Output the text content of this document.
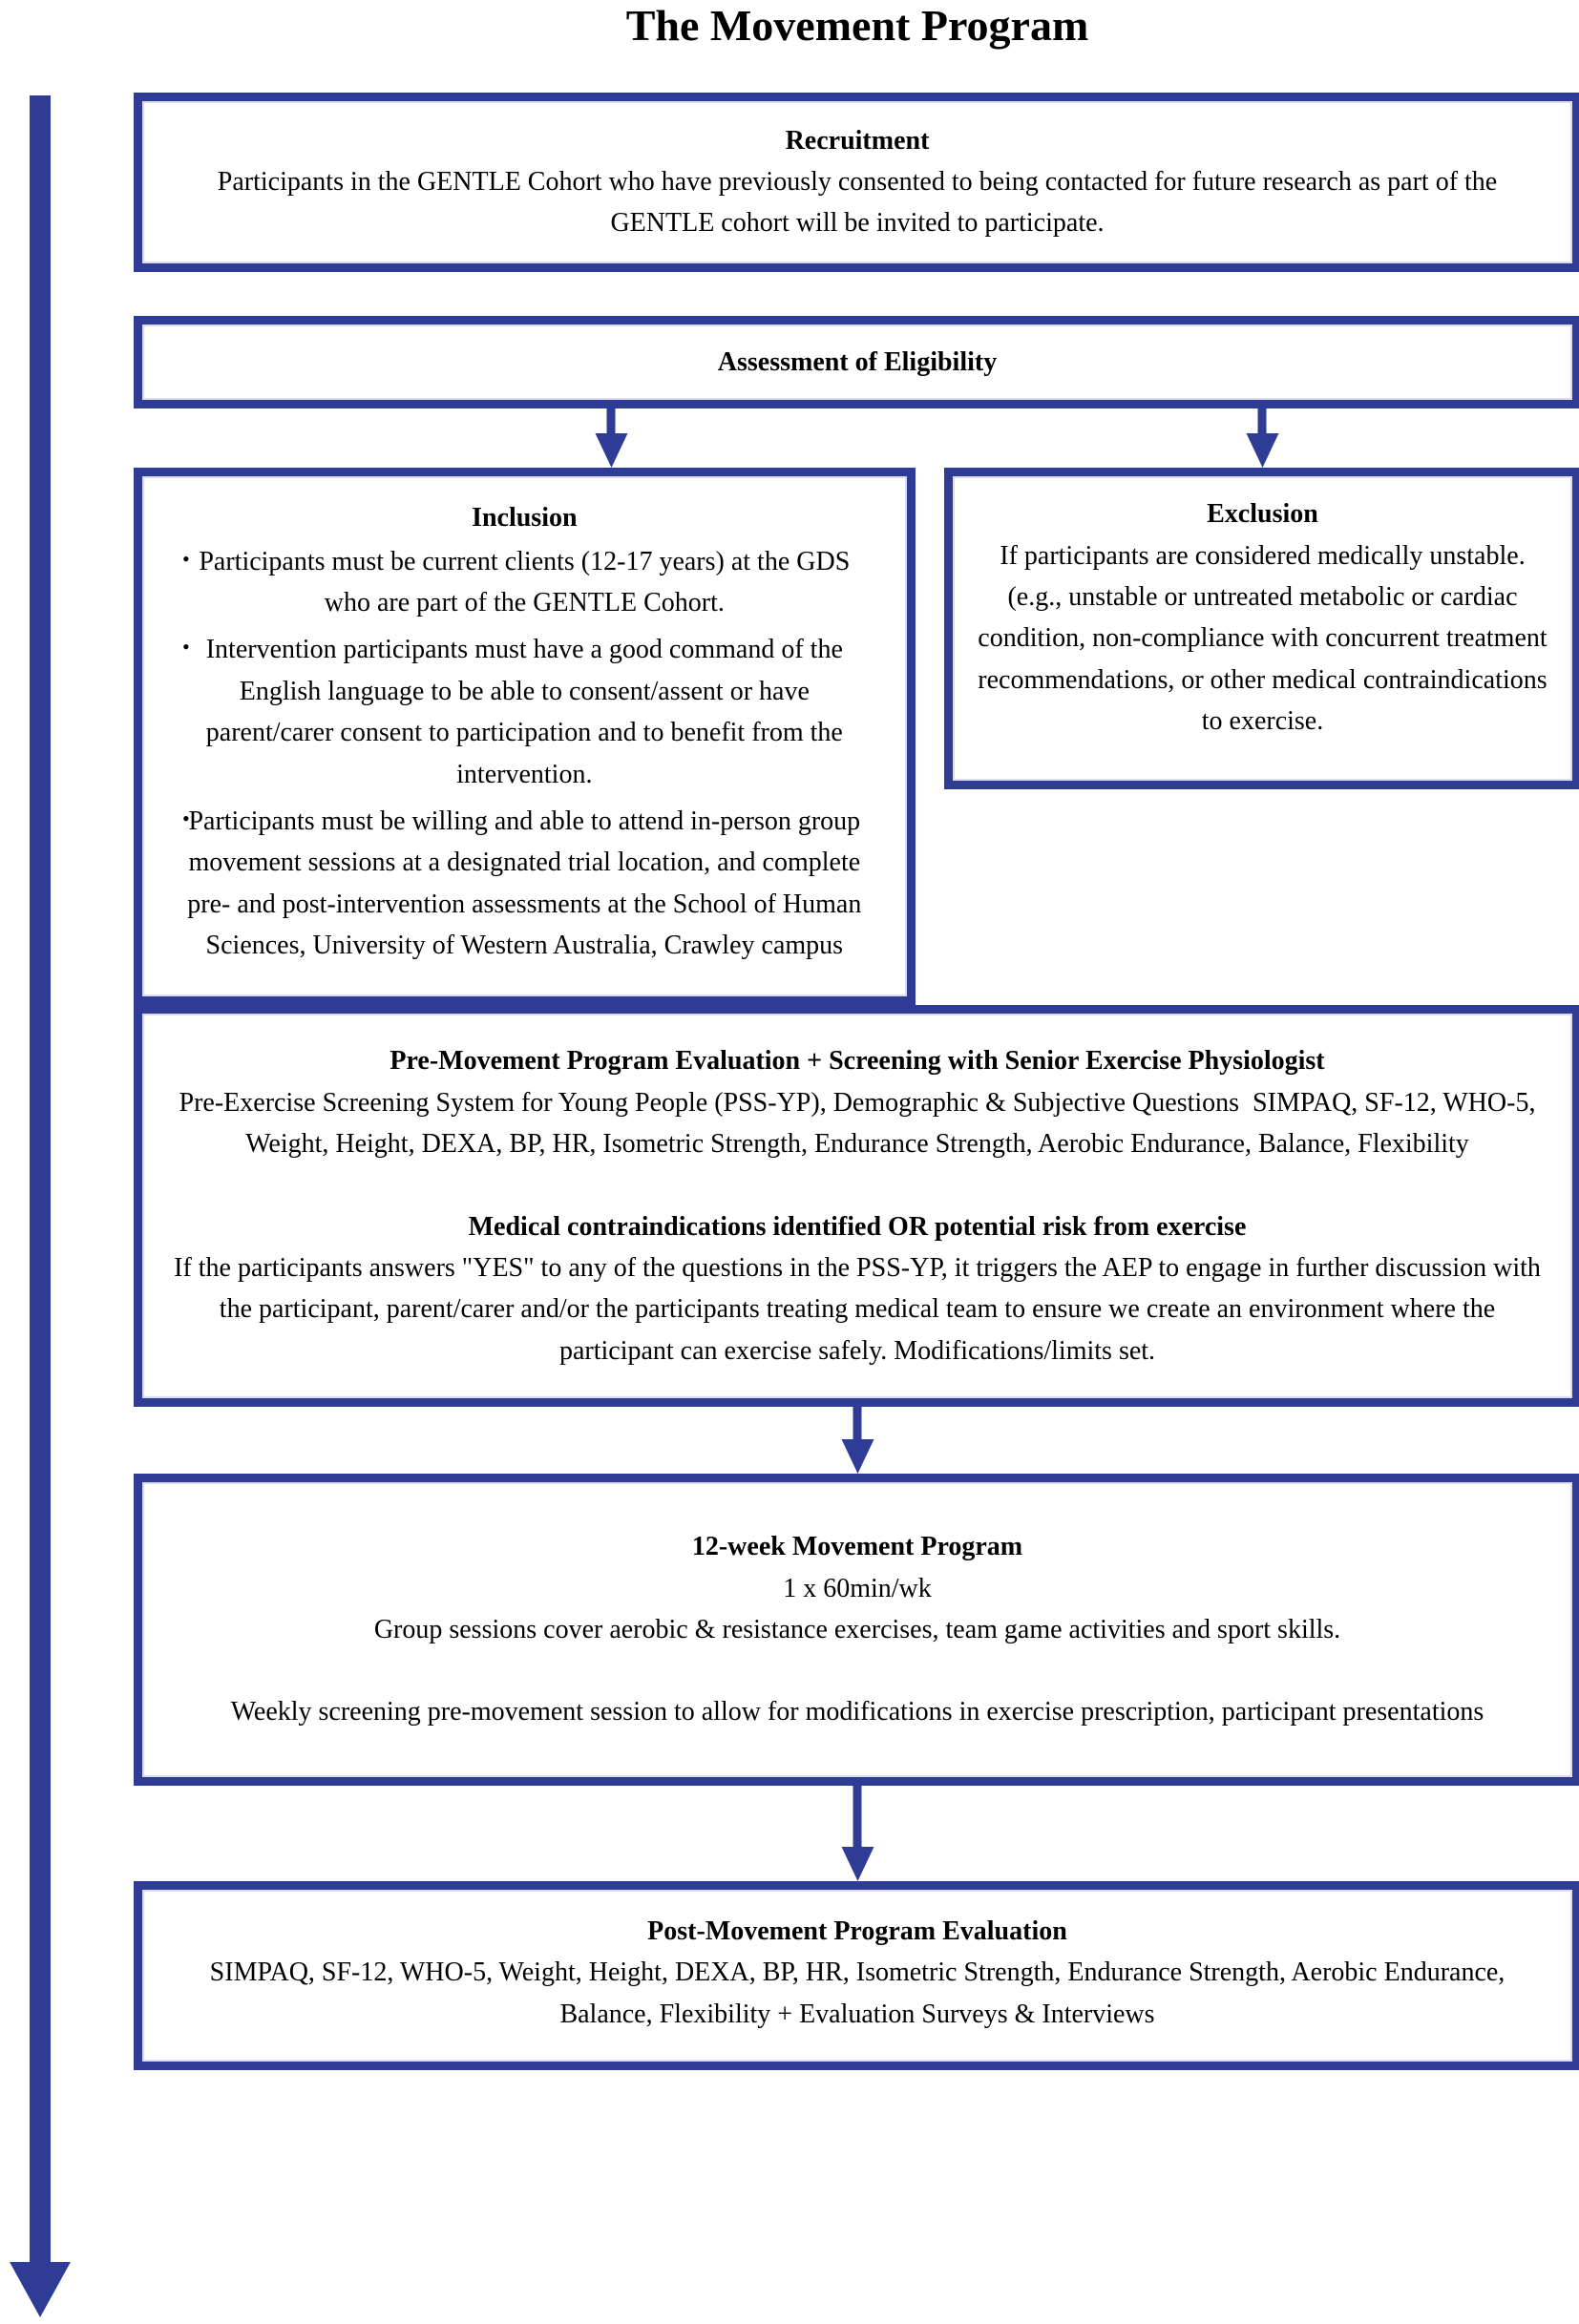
The Movement Program
Recruitment
Participants in the GENTLE Cohort who have previously consented to being contacted for future research as part of the GENTLE cohort will be invited to participate.
Assessment of Eligibility
Inclusion
• Participants must be current clients (12-17 years) at the GDS who are part of the GENTLE Cohort.
• Intervention participants must have a good command of the English language to be able to consent/assent or have parent/carer consent to participation and to benefit from the intervention.
• Participants must be willing and able to attend in-person group movement sessions at a designated trial location, and complete pre- and post-intervention assessments at the School of Human Sciences, University of Western Australia, Crawley campus
Exclusion
If participants are considered medically unstable.
(e.g., unstable or untreated metabolic or cardiac condition, non-compliance with concurrent treatment recommendations, or other medical contraindications to exercise.
Pre-Movement Program Evaluation + Screening with Senior Exercise Physiologist
Pre-Exercise Screening System for Young People (PSS-YP), Demographic & Subjective Questions  SIMPAQ, SF-12, WHO-5, Weight, Height, DEXA, BP, HR, Isometric Strength, Endurance Strength, Aerobic Endurance, Balance, Flexibility
Medical contraindications identified OR potential risk from exercise
If the participants answers "YES" to any of the questions in the PSS-YP, it triggers the AEP to engage in further discussion with the participant, parent/carer and/or the participants treating medical team to ensure we create an environment where the participant can exercise safely. Modifications/limits set.
12-week Movement Program
1 x 60min/wk
Group sessions cover aerobic & resistance exercises, team game activities and sport skills.
Weekly screening pre-movement session to allow for modifications in exercise prescription, participant presentations
Post-Movement Program Evaluation
SIMPAQ, SF-12, WHO-5, Weight, Height, DEXA, BP, HR, Isometric Strength, Endurance Strength, Aerobic Endurance, Balance, Flexibility + Evaluation Surveys & Interviews
